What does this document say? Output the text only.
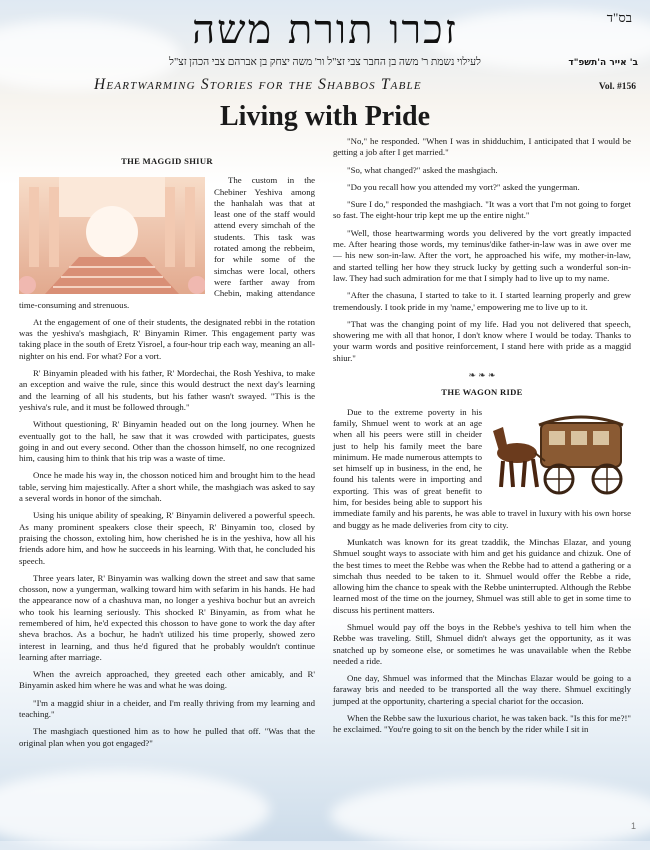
זכרו תורת משה	בס"ד
לעילוי נשמת ר' משה בן החבר צבי זצ"ל ור' משה יצחק בן אברהם צבי הכהן זצ"ל	ב' אייר ה'תשפ"ד
Heartwarming Stories for the Shabbos Table	Vol. #156
Living with Pride
THE MAGGID SHIUR

The custom in the Chebiner Yeshiva among the hanhalah was that at least one of the staff would attend every simchah of the students. This task was rotated among the rebbeim, for while some of the simchas were local, others were farther away from Chebin, making attendance time-consuming and strenuous.

At the engagement of one of their students, the designated rebbi in the rotation was the yeshiva's mashgiach, R' Binyamin Rimer. This engagement party was taking place in the south of Eretz Yisroel, a four-hour trip each way, meaning an all-nighter on his end. For what? For a vort.

R' Binyamin pleaded with his father, R' Mordechai, the Rosh Yeshiva, to make an exception and waive the rule, since this would destruct the next day's learning and the learning of all his students, but his father wasn't swayed. "This is the yeshiva's rule, and it must be followed through."

Without questioning, R' Binyamin headed out on the long journey. When he eventually got to the hall, he saw that it was crowded with participates, guests going in and out every second. Other than the chosson himself, no one recognized him, causing him to think that his trip was a waste of time.

Once he made his way in, the chosson noticed him and brought him to the head table, serving him majestically. After a short while, the mashgiach was asked to say a several words in honor of the simchah.

Using his unique ability of speaking, R' Binyamin delivered a powerful speech. As many prominent speakers close their speech, R' Binyamin too, closed by praising the chosson, extoling him, how cherished he is in the yeshiva, how all his friends adore him, and how he succeeds in his learning. With that, he concluded his speech.

Three years later, R' Binyamin was walking down the street and saw that same chosson, now a yungerman, walking toward him with sefarim in his hands. He had the appearance now of a chashuva man, no longer a yeshiva bochur but an avreich who took his learning seriously. This shocked R' Binyamin, as from what he remembered of him, he'd expected this chosson to have gone to work the day after sheva brachos. As a bochur, he hadn't utilized his time properly, showed zero interest in learning, and thus he'd figured that he probably wouldn't continue learning after marriage.

When the avreich approached, they greeted each other amicably, and R' Binyamin asked him where he was and what he was doing.

"I'm a maggid shiur in a cheider, and I'm really thriving from my learning and teaching."

The mashgiach questioned him as to how he pulled that off. "Was that the original plan when you got engaged?"

"No," he responded. "When I was in shidduchim, I anticipated that I would be getting a job after I get married."

"So, what changed?" asked the mashgiach.

"Do you recall how you attended my vort?" asked the yungerman.

"Sure I do," responded the mashgiach. "It was a vort that I'm not going to forget so fast. The eight-hour trip kept me up the entire night."

"Well, those heartwarming words you delivered by the vort greatly impacted me. After hearing those words, my teminus'dike father-in-law was in awe over me — his new son-in-law. After the vort, he approached his wife, my mother-in-law, and started telling her how they struck lucky by getting such a wonderful son-in-law. They had such admiration for me that I simply had to live up to my name.

"After the chasuna, I started to take to it. I started learning properly and grew tremendously. I took pride in my 'name,' empowering me to live up to it.

"That was the changing point of my life. Had you not delivered that speech, showering me with all that honor, I don't know where I would be today. Thanks to your warm words and positive reinforcement, I stand here with pride as a maggid shiur."

❧ ❧ ❧
THE WAGON RIDE

Due to the extreme poverty in his family, Shmuel went to work at an age when all his peers were still in cheider just to help his family meet the bare minimum. He made numerous attempts to set himself up in business, in the end, he found his talents were in importing and exporting. This was of great benefit to him, for besides being able to support his immediate family and his parents, he was able to travel in luxury with his own horse and buggy as he made deliveries from city to city.

Munkatch was known for its great tzaddik, the Minchas Elazar, and young Shmuel sought ways to associate with him and get his guidance and chizuk. One of the best times to meet the Rebbe was when the Rebbe had to attend a gathering or a simchah thus needed to be taken to it. Shmuel would offer the Rebbe a ride, allowing him the chance to speak with the Rebbe uninterrupted. Although the Rebbe learned most of the time on the journey, Shmuel was still able to get in some time to discuss his pertinent matters.

Shmuel would pay off the boys in the Rebbe's yeshiva to tell him when the Rebbe was traveling. Still, Shmuel didn't always get the opportunity, as it was snatched up by someone else, or sometimes he was unavailable when the Rebbe needed a ride.

One day, Shmuel was informed that the Minchas Elazar would be going to a faraway bris and needed to be transported all the way there. Shmuel excitingly jumped at the opportunity, chartering a special chariot for the occasion.

When the Rebbe saw the luxurious chariot, he was taken back. "Is this for me?!" he exclaimed. "You're going to sit on the bench by the rider while I sit in

1
